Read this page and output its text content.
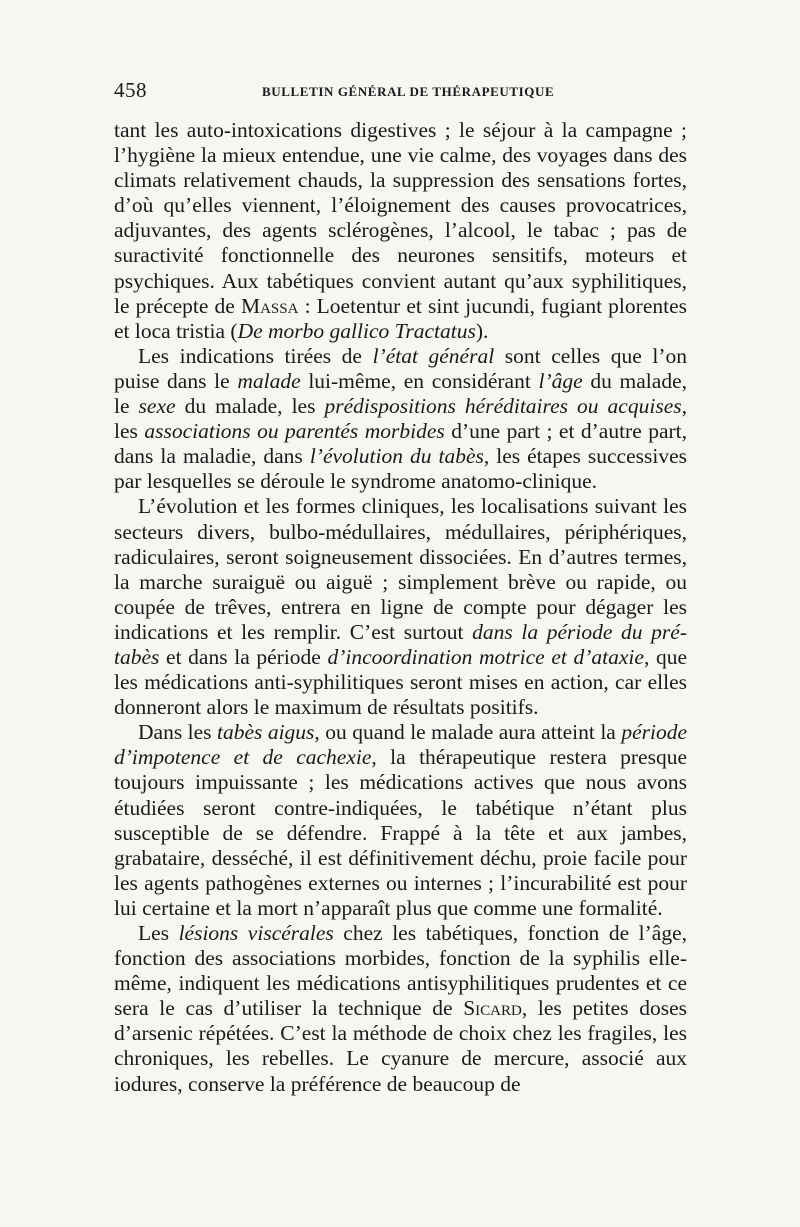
458	BULLETIN GÉNÉRAL DE THÉRAPEUTIQUE

tant les auto-intoxications digestives ; le séjour à la campagne ; l’hygiène la mieux entendue, une vie calme, des voyages dans des climats relativement chauds, la suppression des sensations fortes, d’où qu’elles viennent, l’éloignement des causes provocatrices, adjuvantes, des agents sclérogènes, l’alcool, le tabac ; pas de suractivité fonctionnelle des neurones sensitifs, moteurs et psychiques. Aux tabétiques convient autant qu’aux syphilitiques, le précepte de Massa : Loetentur et sint jucundi, fugiant plorentes et loca tristia (De morbo gallico Tractatus).

Les indications tirées de l’état général sont celles que l’on puise dans le malade lui-même, en considérant l’âge du malade, le sexe du malade, les prédispositions héréditaires ou acquises, les associations ou parentés morbides d’une part ; et d’autre part, dans la maladie, dans l’évolution du tabès, les étapes successives par lesquelles se déroule le syndrome anatomo-clinique.

L’évolution et les formes cliniques, les localisations suivant les secteurs divers, bulbo-médullaires, médullaires, périphériques, radiculaires, seront soigneusement dissociées. En d’autres termes, la marche suraiguë ou aiguë ; simplement brève ou rapide, ou coupée de trêves, entrera en ligne de compte pour dégager les indications et les remplir. C’est surtout dans la période du pré-tabès et dans la période d’incoordination motrice et d’ataxie, que les médications anti-syphilitiques seront mises en action, car elles donneront alors le maximum de résultats positifs.

Dans les tabès aigus, ou quand le malade aura atteint la période d’impotence et de cachexie, la thérapeutique restera presque toujours impuissante ; les médications actives que nous avons étudiées seront contre-indiquées, le tabétique n’étant plus susceptible de se défendre. Frappé à la tête et aux jambes, grabataire, desséché, il est définitivement déchu, proie facile pour les agents pathogènes externes ou internes ; l’incurabilité est pour lui certaine et la mort n’apparaît plus que comme une formalité.

Les lésions viscérales chez les tabétiques, fonction de l’âge, fonction des associations morbides, fonction de la syphilis elle-même, indiquent les médications antisyphilitiques prudentes et ce sera le cas d’utiliser la technique de Sicard, les petites doses d’arsenic répétées. C’est la méthode de choix chez les fragiles, les chroniques, les rebelles. Le cyanure de mercure, associé aux iodures, conserve la préférence de beaucoup de
